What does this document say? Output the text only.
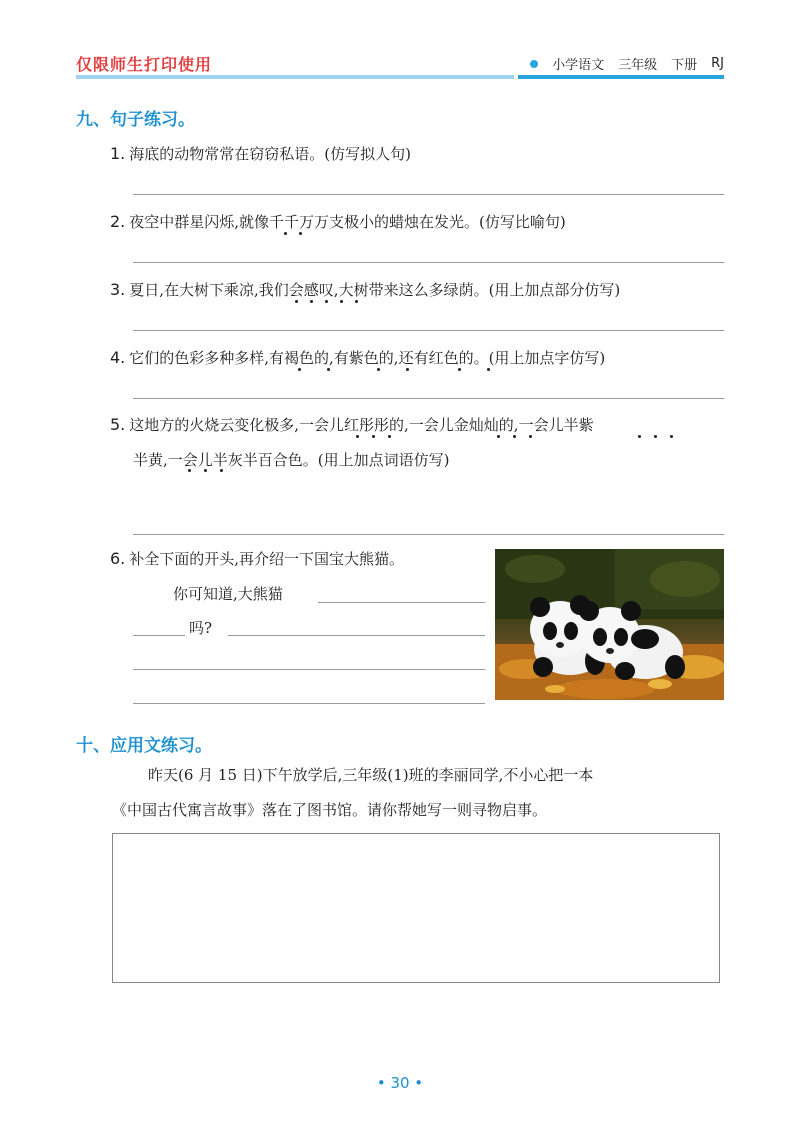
仅限师生打印使用	小学语文 三年级 下册 RJ
九、句子练习。
1. 海底的动物常常在窃窃私语。(仿写拟人句)
2. 夜空中群星闪烁,就像千千万万支极小的蜡烛在发光。(仿写比喻句)
3. 夏日,在大树下乘凉,我们会感叹,大树带来这么多绿荫。(用上加点部分仿写)
4. 它们的色彩多种多样,有褐色的,有紫色的,还有红色的。(用上加点字仿写)
5. 这地方的火烧云变化极多,一会儿红彤彤的,一会儿金灿灿的,一会儿半紫
半黄,一会儿半灰半百合色。(用上加点词语仿写)
6. 补全下面的开头,再介绍一下国宝大熊猫。
你可知道,大熊猫
吗?
十、应用文练习。
昨天(6 月 15 日)下午放学后,三年级(1)班的李丽同学,不小心把一本
《中国古代寓言故事》落在了图书馆。请你帮她写一则寻物启事。
• 30 •
